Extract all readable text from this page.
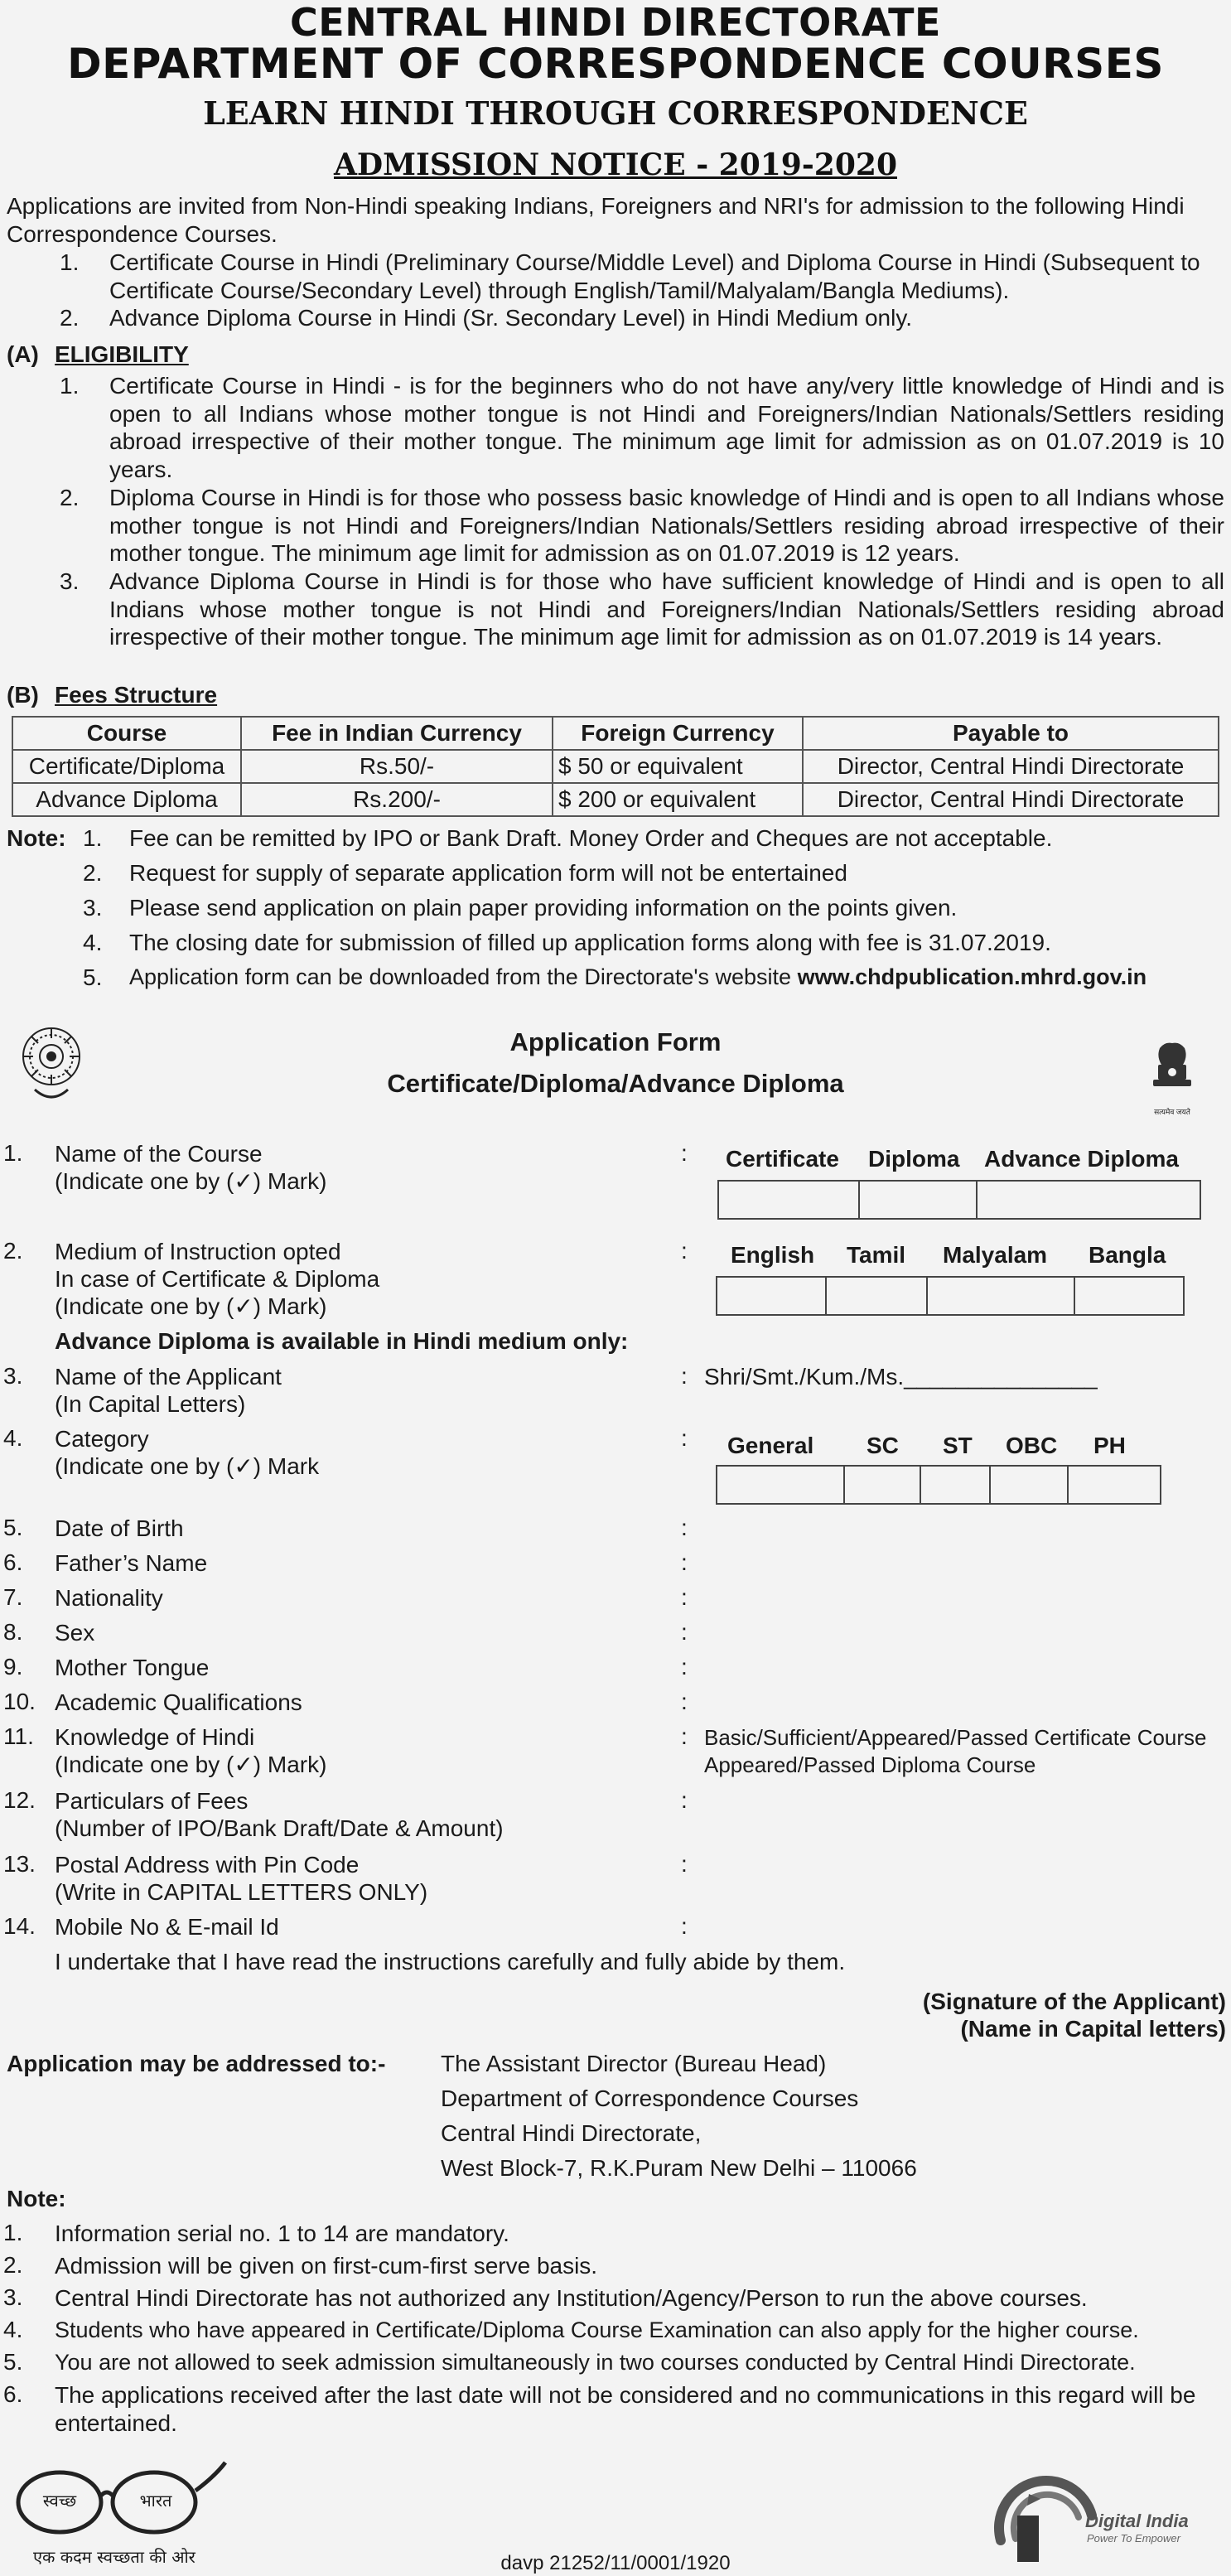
CENTRAL HINDI DIRECTORATE
DEPARTMENT OF CORRESPONDENCE COURSES
LEARN HINDI THROUGH CORRESPONDENCE
ADMISSION NOTICE - 2019-2020
Applications are invited from Non-Hindi speaking Indians, Foreigners and NRI's for admission to the following Hindi Correspondence Courses.
1. Certificate Course in Hindi (Preliminary Course/Middle Level) and Diploma Course in Hindi (Subsequent to Certificate Course/Secondary Level) through English/Tamil/Malyalam/Bangla Mediums).
2. Advance Diploma Course in Hindi (Sr. Secondary Level) in Hindi Medium only.
(A) ELIGIBILITY
1. Certificate Course in Hindi - is for the beginners who do not have any/very little knowledge of Hindi and is open to all Indians whose mother tongue is not Hindi and Foreigners/Indian Nationals/Settlers residing abroad irrespective of their mother tongue. The minimum age limit for admission as on 01.07.2019 is 10 years.
2. Diploma Course in Hindi is for those who possess basic knowledge of Hindi and is open to all Indians whose mother tongue is not Hindi and Foreigners/Indian Nationals/Settlers residing abroad irrespective of their mother tongue. The minimum age limit for admission as on 01.07.2019 is 12 years.
3. Advance Diploma Course in Hindi is for those who have sufficient knowledge of Hindi and is open to all Indians whose mother tongue is not Hindi and Foreigners/Indian Nationals/Settlers residing abroad irrespective of their mother tongue. The minimum age limit for admission as on 01.07.2019 is 14 years.
(B) Fees Structure
Course	Fee in Indian Currency	Foreign Currency	Payable to
Certificate/Diploma	Rs.50/-	$ 50 or equivalent	Director, Central Hindi Directorate
Advance Diploma	Rs.200/-	$ 200 or equivalent	Director, Central Hindi Directorate
Note: 1. Fee can be remitted by IPO or Bank Draft. Money Order and Cheques are not acceptable.
2. Request for supply of separate application form will not be entertained
3. Please send application on plain paper providing information on the points given.
4. The closing date for submission of filled up application forms along with fee is 31.07.2019.
5. Application form can be downloaded from the Directorate's website www.chdpublication.mhrd.gov.in
Application Form
Certificate/Diploma/Advance Diploma
सत्यमेव जयते
1. Name of the Course
(Indicate one by (✓) Mark)
: Certificate Diploma Advance Diploma
2. Medium of Instruction opted
In case of Certificate & Diploma
(Indicate one by (✓) Mark)
: English Tamil Malyalam Bangla
Advance Diploma is available in Hindi medium only:
3. Name of the Applicant
(In Capital Letters)
: Shri/Smt./Kum./Ms._______________
4. Category
(Indicate one by (✓) Mark
: General SC ST OBC PH
5. Date of Birth	:
6. Father’s Name	:
7. Nationality	:
8. Sex	:
9. Mother Tongue	:
10. Academic Qualifications	:
11. Knowledge of Hindi
(Indicate one by (✓) Mark)
: Basic/Sufficient/Appeared/Passed Certificate Course
Appeared/Passed Diploma Course
12. Particulars of Fees
(Number of IPO/Bank Draft/Date & Amount)
:
13. Postal Address with Pin Code
(Write in CAPITAL LETTERS ONLY)
:
14. Mobile No & E-mail Id	:
I undertake that I have read the instructions carefully and fully abide by them.
(Signature of the Applicant)
(Name in Capital letters)
Application may be addressed to:- The Assistant Director (Bureau Head)
Department of Correspondence Courses
Central Hindi Directorate,
West Block-7, R.K.Puram New Delhi – 110066
Note:
1. Information serial no. 1 to 14 are mandatory.
2. Admission will be given on first-cum-first serve basis.
3. Central Hindi Directorate has not authorized any Institution/Agency/Person to run the above courses.
4. Students who have appeared in Certificate/Diploma Course Examination can also apply for the higher course.
5. You are not allowed to seek admission simultaneously in two courses conducted by Central Hindi Directorate.
6. The applications received after the last date will not be considered and no communications in this regard will be entertained.
स्वच्छ	भारत
एक कदम स्वच्छता की ओर	davp 21252/11/0001/1920
Digital India
Power To Empower
